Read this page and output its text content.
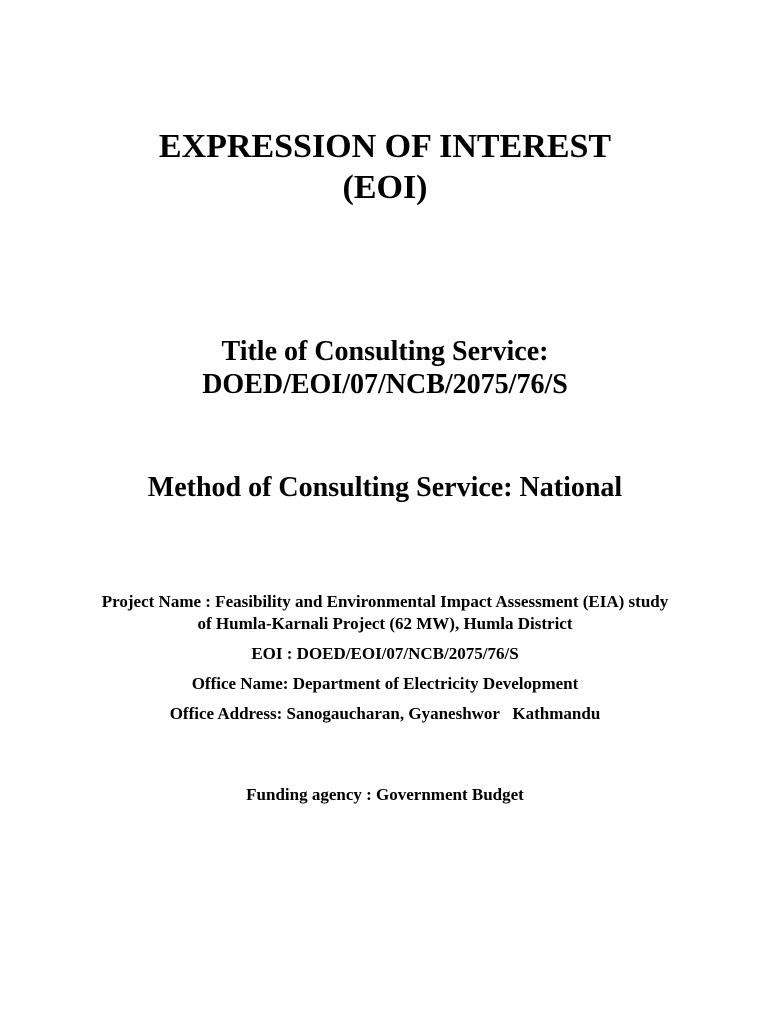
EXPRESSION OF INTEREST
(EOI)
Title of Consulting Service:
DOED/EOI/07/NCB/2075/76/S
Method of Consulting Service: National
Project Name : Feasibility and Environmental Impact Assessment (EIA) study
of Humla-Karnali Project (62 MW), Humla District
EOI : DOED/EOI/07/NCB/2075/76/S
Office Name: Department of Electricity Development
Office Address: Sanogaucharan, Gyaneshwor   Kathmandu
Funding agency : Government Budget
